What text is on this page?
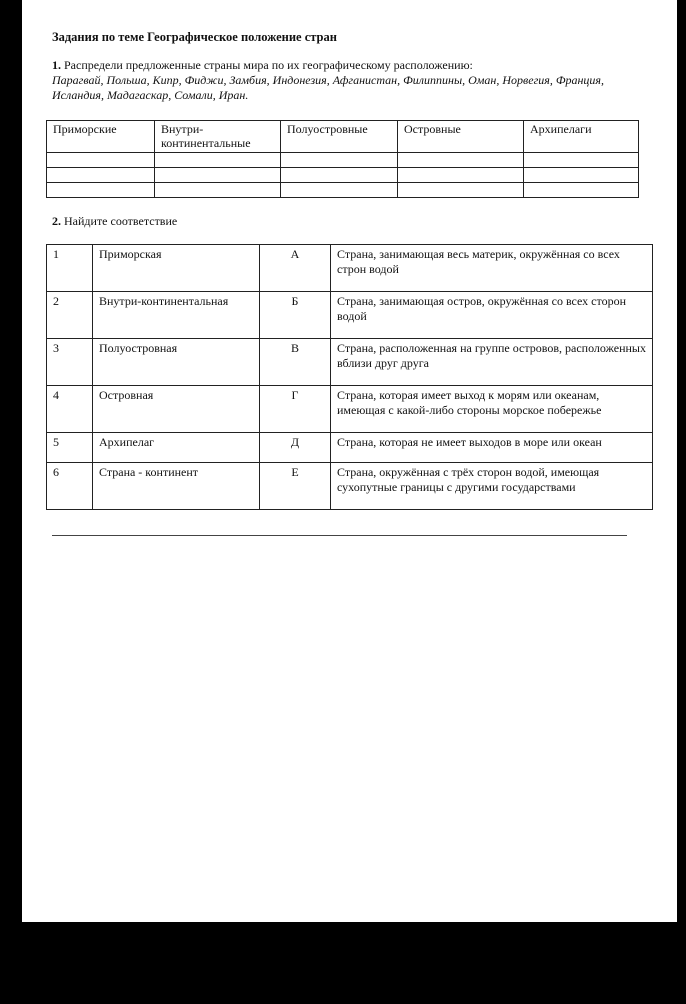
Задания по теме Географическое положение стран
1. Распредели предложенные страны мира по их географическому расположению:
Парагвай, Польша, Кипр, Фиджи, Замбия, Индонезия, Афганистан, Филиппины, Оман, Норвегия, Франция, Исландия, Мадагаскар, Сомали, Иран.
Приморские	Внутри-континентальные	Полуостровные	Островные	Архипелаги

2. Найдите соответствие
1	Приморская	А	Страна, занимающая весь материк, окружённая со всех строн водой
2	Внутри-континентальная	Б	Страна, занимающая остров, окружённая со всех сторон водой
3	Полуостровная	В	Страна, расположенная на группе островов, расположенных вблизи друг друга
4	Островная	Г	Страна, которая имеет выход к морям или океанам, имеющая с какой-либо стороны морское побережье
5	Архипелаг	Д	Страна, которая не имеет выходов в море или океан
6	Страна - континент	Е	Страна, окружённая с трёх сторон водой, имеющая сухопутные границы с другими государствами
